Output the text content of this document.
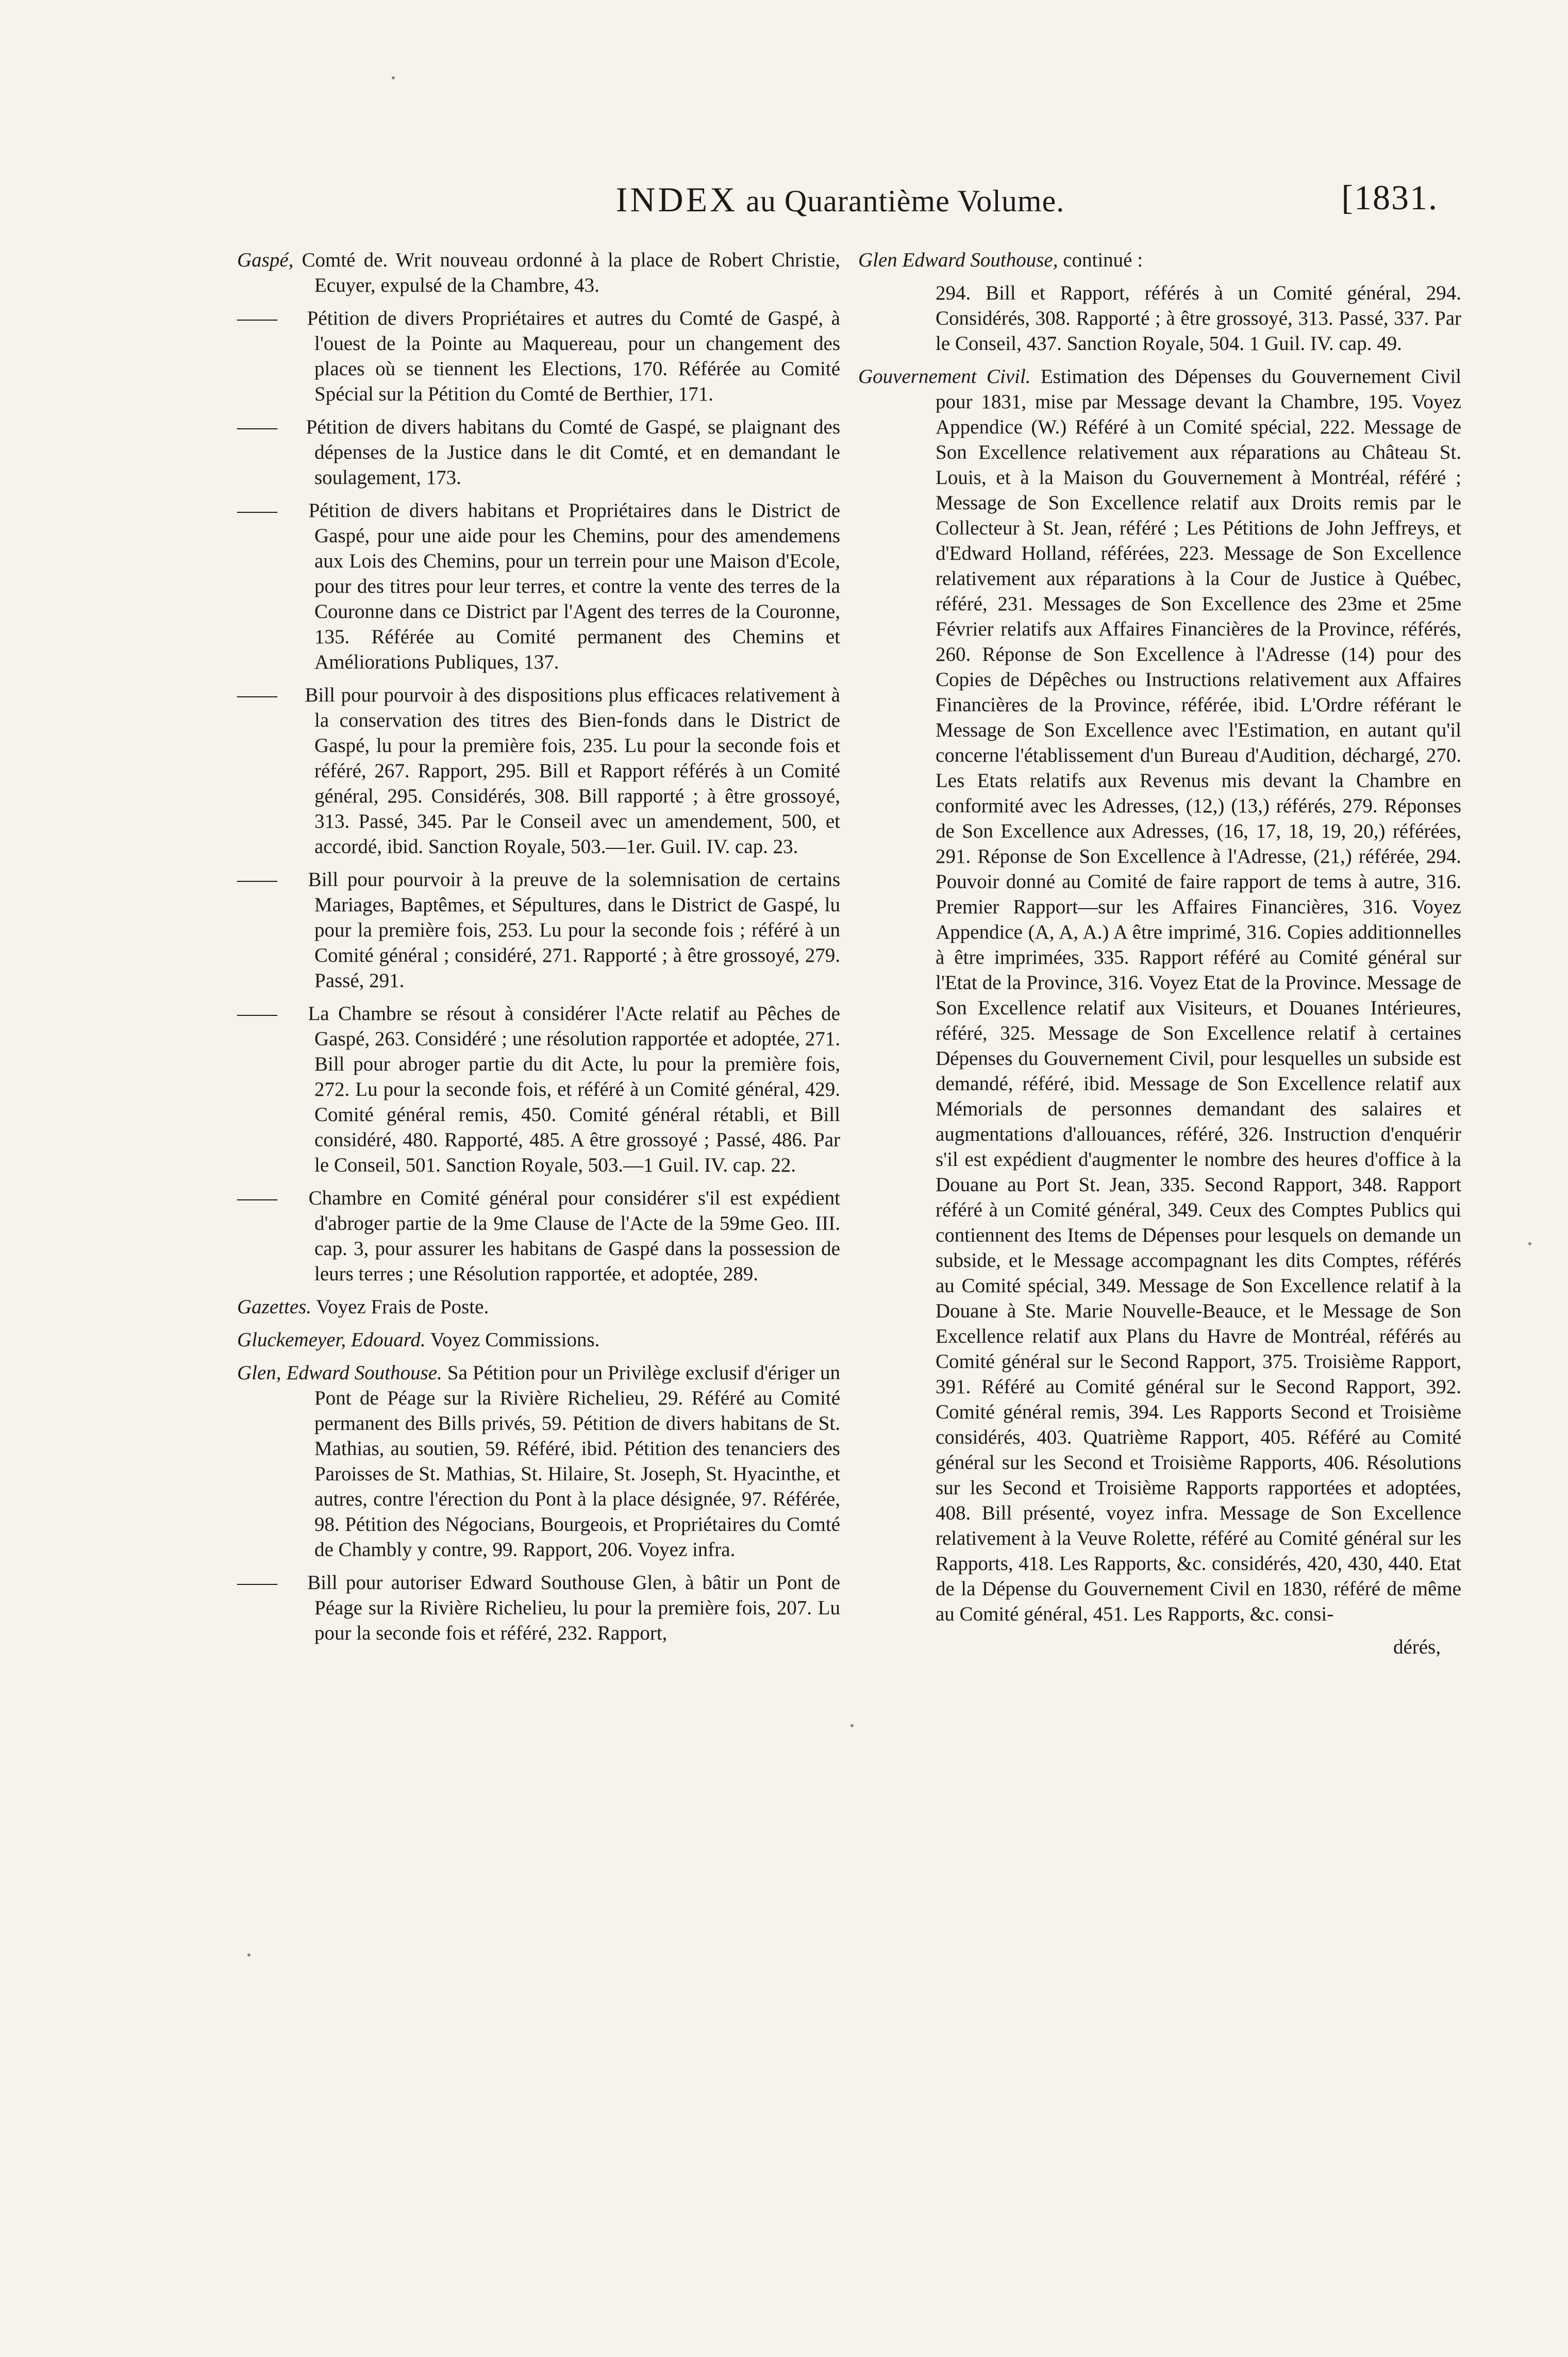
INDEX au Quarantième Volume.	[1831.
Gaspé, Comté de. Writ nouveau ordonné à la place de Robert Christie, Ecuyer, expulsé de la Chambre, 43.
—— Pétition de divers Propriétaires et autres du Comté de Gaspé, à l'ouest de la Pointe au Maquereau, pour un changement des places où se tiennent les Elections, 170. Référée au Comité Spécial sur la Pétition du Comté de Berthier, 171.
—— Pétition de divers habitans du Comté de Gaspé, se plaignant des dépenses de la Justice dans le dit Comté, et en demandant le soulagement, 173.
—— Pétition de divers habitans et Propriétaires dans le District de Gaspé, pour une aide pour les Chemins, pour des amendemens aux Lois des Chemins, pour un terrein pour une Maison d'Ecole, pour des titres pour leur terres, et contre la vente des terres de la Couronne dans ce District par l'Agent des terres de la Couronne, 135. Référée au Comité permanent des Chemins et Améliorations Publiques, 137.
—— Bill pour pourvoir à des dispositions plus efficaces relativement à la conservation des titres des Bien-fonds dans le District de Gaspé, lu pour la première fois, 235. Lu pour la seconde fois et référé, 267. Rapport, 295. Bill et Rapport référés à un Comité général, 295. Considérés, 308. Bill rapporté ; à être grossoyé, 313. Passé, 345. Par le Conseil avec un amendement, 500, et accordé, ibid. Sanction Royale, 503.—1er. Guil. IV. cap. 23.
—— Bill pour pourvoir à la preuve de la solemnisation de certains Mariages, Baptêmes, et Sépultures, dans le District de Gaspé, lu pour la première fois, 253. Lu pour la seconde fois ; référé à un Comité général ; considéré, 271. Rapporté ; à être grossoyé, 279. Passé, 291.
—— La Chambre se résout à considérer l'Acte relatif au Pêches de Gaspé, 263. Considéré ; une résolution rapportée et adoptée, 271. Bill pour abroger partie du dit Acte, lu pour la première fois, 272. Lu pour la seconde fois, et référé à un Comité général, 429. Comité général remis, 450. Comité général rétabli, et Bill considéré, 480. Rapporté, 485. A être grossoyé ; Passé, 486. Par le Conseil, 501. Sanction Royale, 503.—1 Guil. IV. cap. 22.
—— Chambre en Comité général pour considérer s'il est expédient d'abroger partie de la 9me Clause de l'Acte de la 59me Geo. III. cap. 3, pour assurer les habitans de Gaspé dans la possession de leurs terres ; une Résolution rapportée, et adoptée, 289.
Gazettes. Voyez Frais de Poste.
Gluckemeyer, Edouard. Voyez Commissions.
Glen, Edward Southouse. Sa Pétition pour un Privilège exclusif d'ériger un Pont de Péage sur la Rivière Richelieu, 29. Référé au Comité permanent des Bills privés, 59. Pétition de divers habitans de St. Mathias, au soutien, 59. Référé, ibid. Pétition des tenanciers des Paroisses de St. Mathias, St. Hilaire, St. Joseph, St. Hyacinthe, et autres, contre l'érection du Pont à la place désignée, 97. Référée, 98. Pétition des Négocians, Bourgeois, et Propriétaires du Comté de Chambly y contre, 99. Rapport, 206. Voyez infra.
—— Bill pour autoriser Edward Southouse Glen, à bâtir un Pont de Péage sur la Rivière Richelieu, lu pour la première fois, 207. Lu pour la seconde fois et référé, 232. Rapport,
Glen Edward Southouse, continué :
294. Bill et Rapport, référés à un Comité général, 294. Considérés, 308. Rapporté ; à être grossoyé, 313. Passé, 337. Par le Conseil, 437. Sanction Royale, 504. 1 Guil. IV. cap. 49.
Gouvernement Civil. Estimation des Dépenses du Gouvernement Civil pour 1831, mise par Message devant la Chambre, 195. Voyez Appendice (W.) Référé à un Comité spécial, 222. Message de Son Excellence relativement aux réparations au Château St. Louis, et à la Maison du Gouvernement à Montréal, référé ; Message de Son Excellence relatif aux Droits remis par le Collecteur à St. Jean, référé ; Les Pétitions de John Jeffreys, et d'Edward Holland, référées, 223. Message de Son Excellence relativement aux réparations à la Cour de Justice à Québec, référé, 231. Messages de Son Excellence des 23me et 25me Février relatifs aux Affaires Financières de la Province, référés, 260. Réponse de Son Excellence à l'Adresse (14) pour des Copies de Dépêches ou Instructions relativement aux Affaires Financières de la Province, référée, ibid. L'Ordre référant le Message de Son Excellence avec l'Estimation, en autant qu'il concerne l'établissement d'un Bureau d'Audition, déchargé, 270. Les Etats relatifs aux Revenus mis devant la Chambre en conformité avec les Adresses, (12,) (13,) référés, 279. Réponses de Son Excellence aux Adresses, (16, 17, 18, 19, 20,) référées, 291. Réponse de Son Excellence à l'Adresse, (21,) référée, 294. Pouvoir donné au Comité de faire rapport de tems à autre, 316. Premier Rapport—sur les Affaires Financières, 316. Voyez Appendice (A, A, A.) A être imprimé, 316. Copies additionnelles à être imprimées, 335. Rapport référé au Comité général sur l'Etat de la Province, 316. Voyez Etat de la Province. Message de Son Excellence relatif aux Visiteurs, et Douanes Intérieures, référé, 325. Message de Son Excellence relatif à certaines Dépenses du Gouvernement Civil, pour lesquelles un subside est demandé, référé, ibid. Message de Son Excellence relatif aux Mémorials de personnes demandant des salaires et augmentations d'allouances, référé, 326. Instruction d'enquérir s'il est expédient d'augmenter le nombre des heures d'office à la Douane au Port St. Jean, 335. Second Rapport, 348. Rapport référé à un Comité général, 349. Ceux des Comptes Publics qui contiennent des Items de Dépenses pour lesquels on demande un subside, et le Message accompagnant les dits Comptes, référés au Comité spécial, 349. Message de Son Excellence relatif à la Douane à Ste. Marie Nouvelle-Beauce, et le Message de Son Excellence relatif aux Plans du Havre de Montréal, référés au Comité général sur le Second Rapport, 375. Troisième Rapport, 391. Référé au Comité général sur le Second Rapport, 392. Comité général remis, 394. Les Rapports Second et Troisième considérés, 403. Quatrième Rapport, 405. Référé au Comité général sur les Second et Troisième Rapports, 406. Résolutions sur les Second et Troisième Rapports rapportées et adoptées, 408. Bill présenté, voyez infra. Message de Son Excellence relativement à la Veuve Rolette, référé au Comité général sur les Rapports, 418. Les Rapports, &c. considérés, 420, 430, 440. Etat de la Dépense du Gouvernement Civil en 1830, référé de même au Comité général, 451. Les Rapports, &c. consi-
dérés,
